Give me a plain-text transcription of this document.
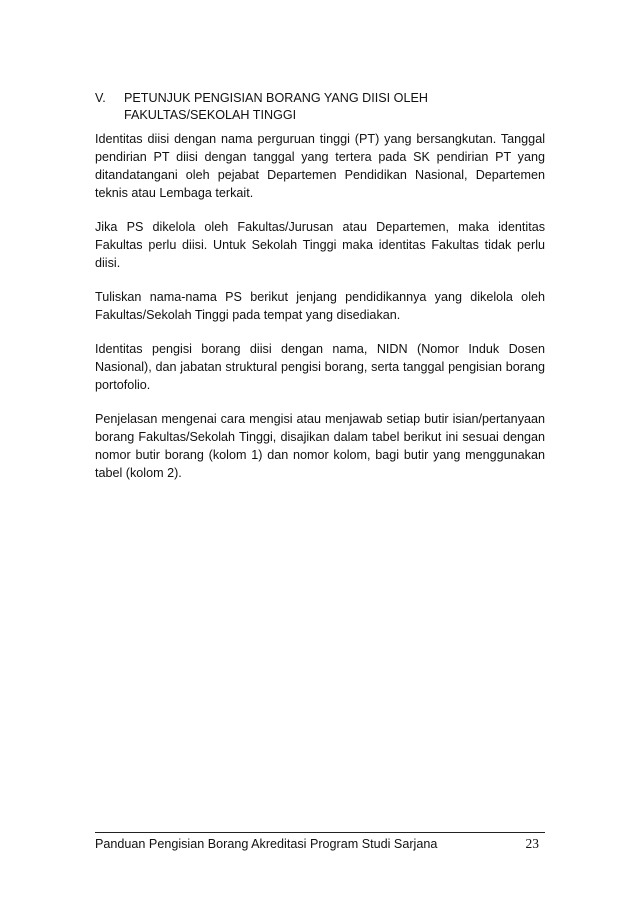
V.	PETUNJUK PENGISIAN BORANG YANG DIISI OLEH
FAKULTAS/SEKOLAH TINGGI

Identitas diisi dengan nama perguruan tinggi (PT) yang bersangkutan. Tanggal pendirian PT diisi dengan tanggal yang tertera pada SK pendirian PT yang ditandatangani oleh pejabat Departemen Pendidikan Nasional, Departemen teknis atau Lembaga terkait.

Jika PS dikelola oleh Fakultas/Jurusan atau Departemen, maka identitas Fakultas perlu diisi. Untuk Sekolah Tinggi maka identitas Fakultas tidak perlu diisi.

Tuliskan nama-nama PS berikut jenjang pendidikannya yang dikelola oleh Fakultas/Sekolah Tinggi pada tempat yang disediakan.

Identitas pengisi borang diisi dengan nama, NIDN (Nomor Induk Dosen Nasional), dan jabatan struktural pengisi borang, serta tanggal pengisian borang portofolio.

Penjelasan mengenai cara mengisi atau menjawab setiap butir isian/pertanyaan borang Fakultas/Sekolah Tinggi, disajikan dalam tabel berikut ini sesuai dengan nomor butir borang (kolom 1) dan nomor kolom, bagi butir yang menggunakan tabel (kolom 2).

Panduan Pengisian Borang Akreditasi Program Studi Sarjana	23
